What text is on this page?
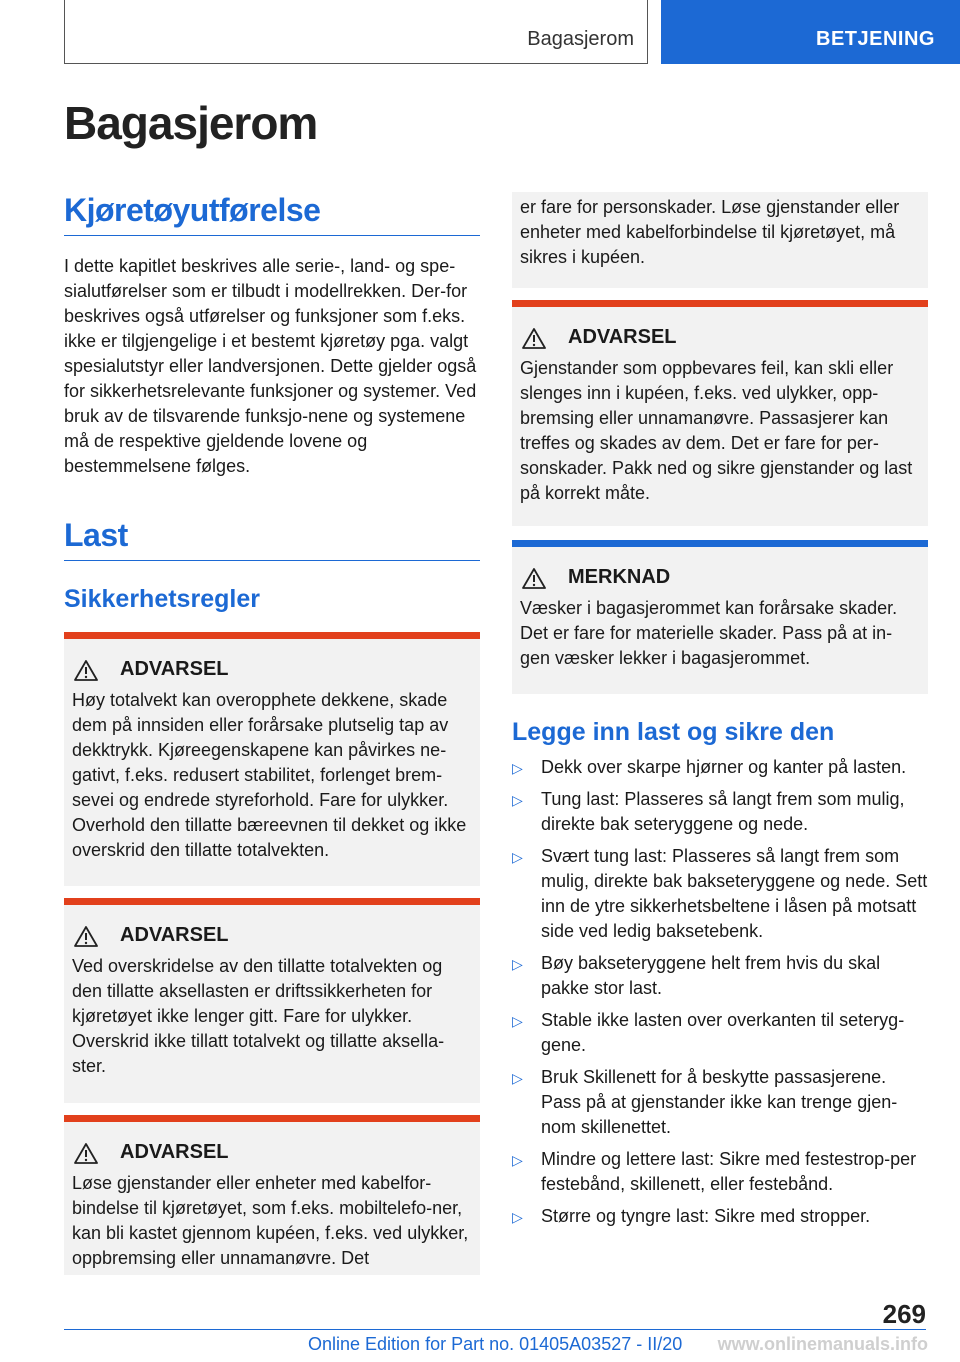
Bagasjerom	BETJENING
Bagasjerom
Kjøretøyutførelse

I dette kapitlet beskrives alle serie-, land- og spe-sialutførelser som er tilbudt i modellrekken. Der-for beskrives også utførelser og funksjoner som f.eks. ikke er tilgjengelige i et bestemt kjøretøy pga. valgt spesialutstyr eller landversjonen. Dette gjelder også for sikkerhetsrelevante funksjoner og systemer. Ved bruk av de tilsvarende funksjo-nene og systemene må de respektive gjeldende lovene og bestemmelsene følges.

Last
Sikkerhetsregler
ADVARSEL

Høy totalvekt kan overopphete dekkene, skade dem på innsiden eller forårsake plutselig tap av dekktrykk. Kjøreegenskapene kan påvirkes ne-gativt, f.eks. redusert stabilitet, forlenget brem-sevei og endrede styreforhold. Fare for ulykker. Overhold den tillatte bæreevnen til dekket og ikke overskrid den tillatte totalvekten.

ADVARSEL

Ved overskridelse av den tillatte totalvekten og den tillatte aksellasten er driftssikkerheten for kjøretøyet ikke lenger gitt. Fare for ulykker. Overskrid ikke tillatt totalvekt og tillatte aksella-ster.

ADVARSEL

Løse gjenstander eller enheter med kabelfor-bindelse til kjøretøyet, som f.eks. mobiltelefo-ner, kan bli kastet gjennom kupéen, f.eks. ved ulykker, oppbremsing eller unnamanøvre. Det

er fare for personskader. Løse gjenstander eller enheter med kabelforbindelse til kjøretøyet, må sikres i kupéen.

ADVARSEL

Gjenstander som oppbevares feil, kan skli eller slenges inn i kupéen, f.eks. ved ulykker, opp-bremsing eller unnamanøvre. Passasjerer kan treffes og skades av dem. Det er fare for per-sonskader. Pakk ned og sikre gjenstander og last på korrekt måte.

MERKNAD

Væsker i bagasjerommet kan forårsake skader. Det er fare for materielle skader. Pass på at in-gen væsker lekker i bagasjerommet.

Legge inn last og sikre den
▷ Dekk over skarpe hjørner og kanter på lasten.
▷ Tung last: Plasseres så langt frem som mulig, direkte bak seteryggene og nede.
▷ Svært tung last: Plasseres så langt frem som mulig, direkte bak bakseteryggene og nede. Sett inn de ytre sikkerhetsbeltene i låsen på motsatt side ved ledig baksetebenk.
▷ Bøy bakseteryggene helt frem hvis du skal pakke stor last.
▷ Stable ikke lasten over overkanten til seteryg-gene.
▷ Bruk Skillenett for å beskytte passasjerene. Pass på at gjenstander ikke kan trenge gjen-nom skillenettet.
▷ Mindre og lettere last: Sikre med festestrop-per festebånd, skillenett, eller festebånd.
▷ Større og tyngre last: Sikre med stropper.
269
Online Edition for Part no. 01405A03527 - II/20 www.onlinemanuals.info
